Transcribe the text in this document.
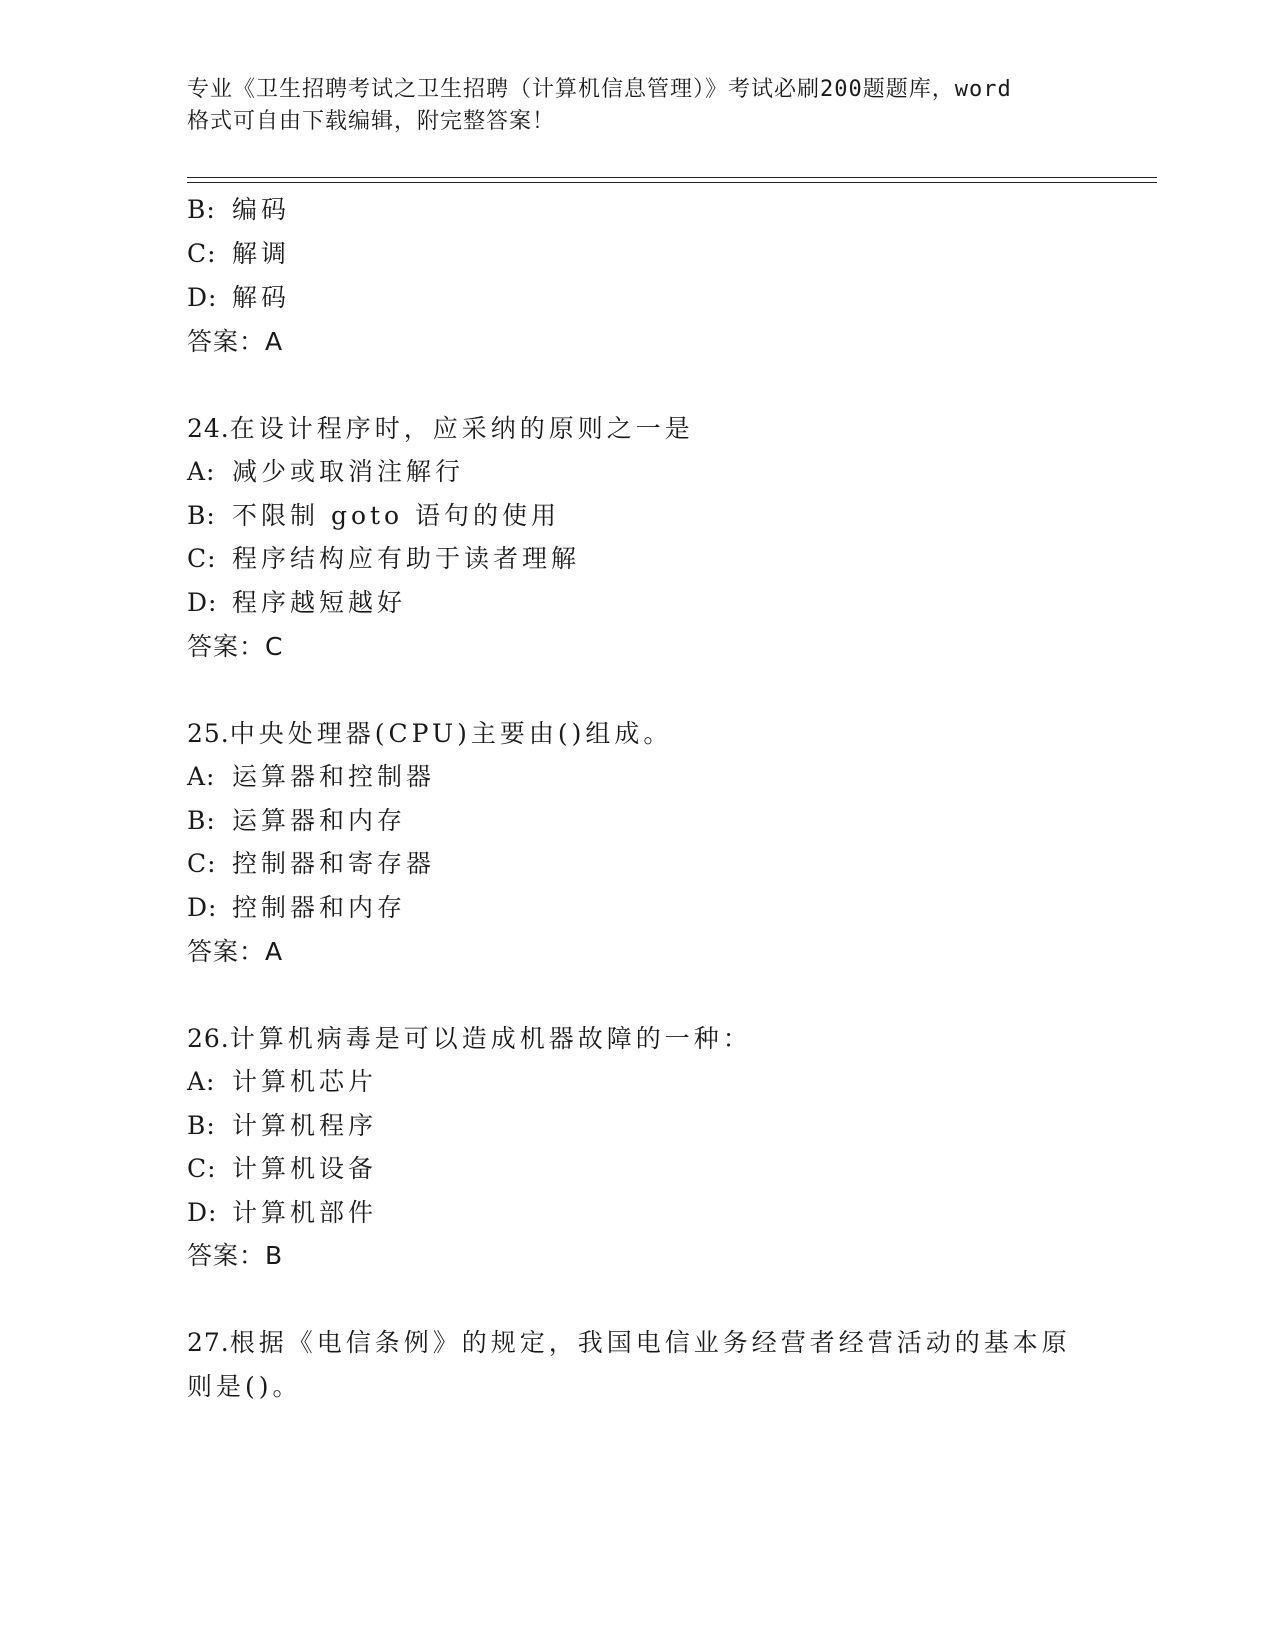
专业《卫生招聘考试之卫生招聘（计算机信息管理）》考试必刷200题题库，word
格式可自由下载编辑，附完整答案！
B: 编码
C: 解调
D: 解码
答案：A
24.在设计程序时，应采纳的原则之一是
A: 减少或取消注解行
B: 不限制 goto 语句的使用
C: 程序结构应有助于读者理解
D: 程序越短越好
答案：C
25.中央处理器(CPU)主要由()组成。
A: 运算器和控制器
B: 运算器和内存
C: 控制器和寄存器
D: 控制器和内存
答案：A
26.计算机病毒是可以造成机器故障的一种：
A: 计算机芯片
B: 计算机程序
C: 计算机设备
D: 计算机部件
答案：B
27.根据《电信条例》的规定，我国电信业务经营者经营活动的基本原
则是()。
